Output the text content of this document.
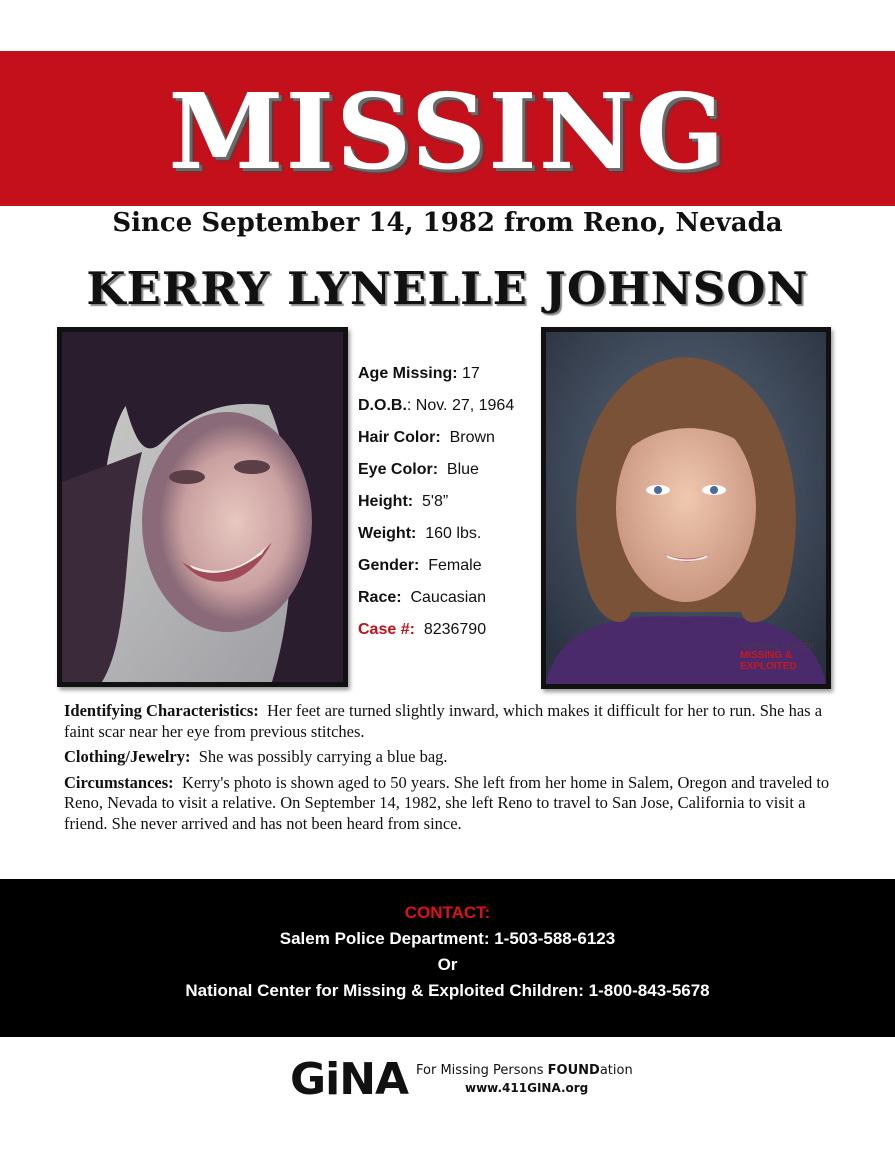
MISSING
Since September 14, 1982 from Reno, Nevada
KERRY LYNELLE JOHNSON
NATIONAL CENTER
MISSING & EXPLOITED
Age Missing: 17
D.O.B.: Nov. 27, 1964
Hair Color: Brown
Eye Color: Blue
Height: 5'8”
Weight: 160 lbs.
Gender: Female
Race: Caucasian
Case #: 8236790

Identifying Characteristics: Her feet are turned slightly inward, which makes it difficult for her to run. She has a faint scar near her eye from previous stitches.

Clothing/Jewelry: She was possibly carrying a blue bag.

Circumstances: Kerry's photo is shown aged to 50 years. She left from her home in Salem, Oregon and traveled to Reno, Nevada to visit a relative. On September 14, 1982, she left Reno to travel to San Jose, California to visit a friend. She never arrived and has not been heard from since.

CONTACT:
Salem Police Department: 1-503-588-6123
Or
National Center for Missing & Exploited Children: 1-800-843-5678
GiNA For Missing Persons FOUNDation
www.411GINA.org
